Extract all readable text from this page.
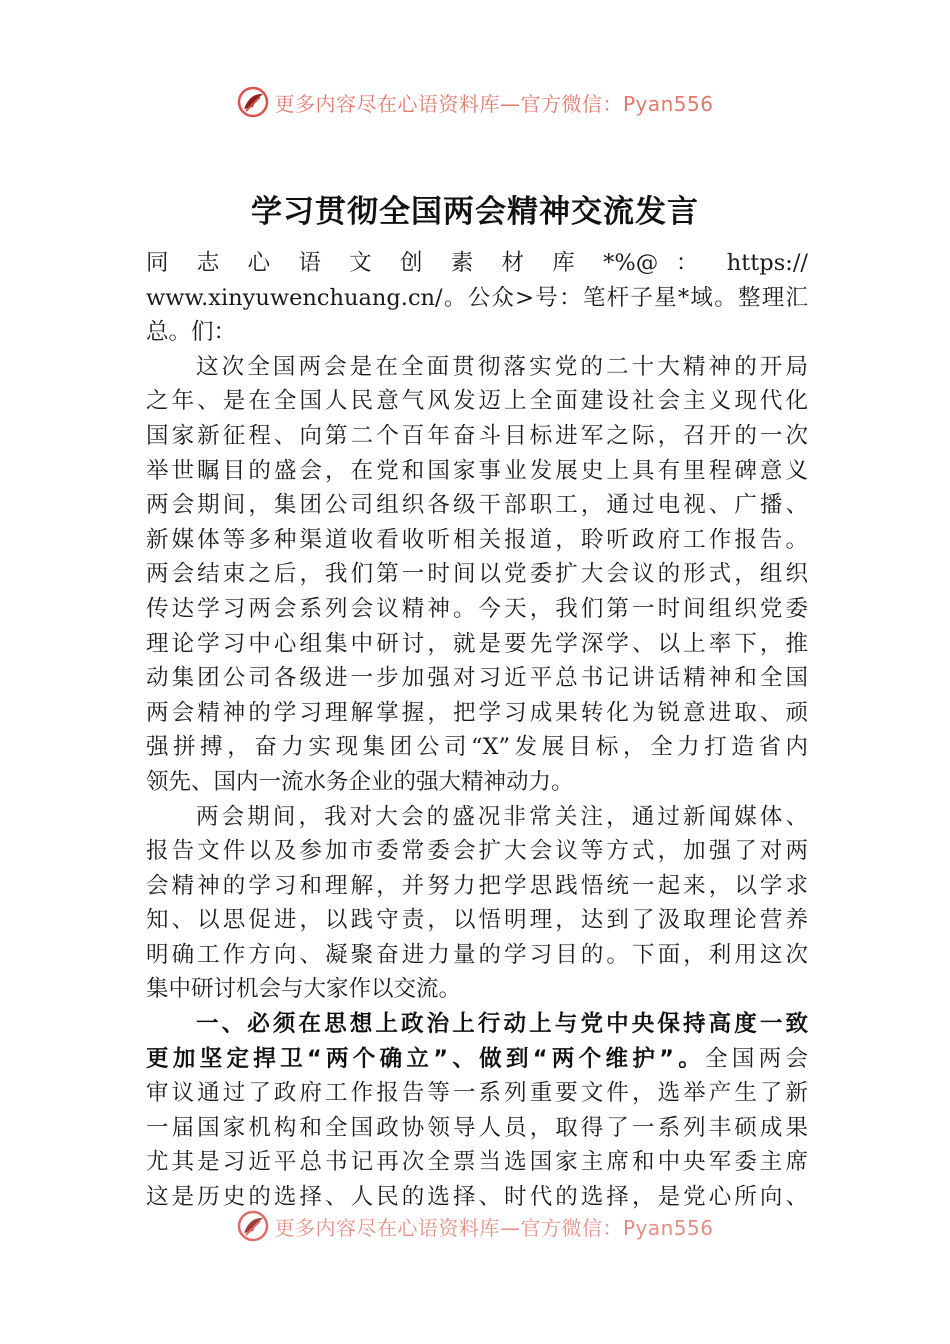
更多内容尽在心语资料库—官方微信：Pyan556
学习贯彻全国两会精神交流发言
同 志 心 语 文 创 素 材 库 *%@ ： https://
www.xinyuwenchuang.cn/。公众>号：笔杆子星*域。整理汇
总。们：
这次全国两会是在全面贯彻落实党的二十大精神的开局
之年、是在全国人民意气风发迈上全面建设社会主义现代化
国家新征程、向第二个百年奋斗目标进军之际，召开的一次
举世瞩目的盛会，在党和国家事业发展史上具有里程碑意义
两会期间，集团公司组织各级干部职工，通过电视、广播、
新媒体等多种渠道收看收听相关报道，聆听政府工作报告。
两会结束之后，我们第一时间以党委扩大会议的形式，组织
传达学习两会系列会议精神。今天，我们第一时间组织党委
理论学习中心组集中研讨，就是要先学深学、以上率下，推
动集团公司各级进一步加强对习近平总书记讲话精神和全国
两会精神的学习理解掌握，把学习成果转化为锐意进取、顽
强拼搏，奋力实现集团公司“X”发展目标，全力打造省内
领先、国内一流水务企业的强大精神动力。
两会期间，我对大会的盛况非常关注，通过新闻媒体、
报告文件以及参加市委常委会扩大会议等方式，加强了对两
会精神的学习和理解，并努力把学思践悟统一起来，以学求
知、以思促进，以践守责，以悟明理，达到了汲取理论营养
明确工作方向、凝聚奋进力量的学习目的。下面，利用这次
集中研讨机会与大家作以交流。
一、必须在思想上政治上行动上与党中央保持高度一致
更加坚定捍卫“两个确立”、做到“两个维护”。全国两会
审议通过了政府工作报告等一系列重要文件，选举产生了新
一届国家机构和全国政协领导人员，取得了一系列丰硕成果
尤其是习近平总书记再次全票当选国家主席和中央军委主席
这是历史的选择、人民的选择、时代的选择，是党心所向、
更多内容尽在心语资料库—官方微信：Pyan556
